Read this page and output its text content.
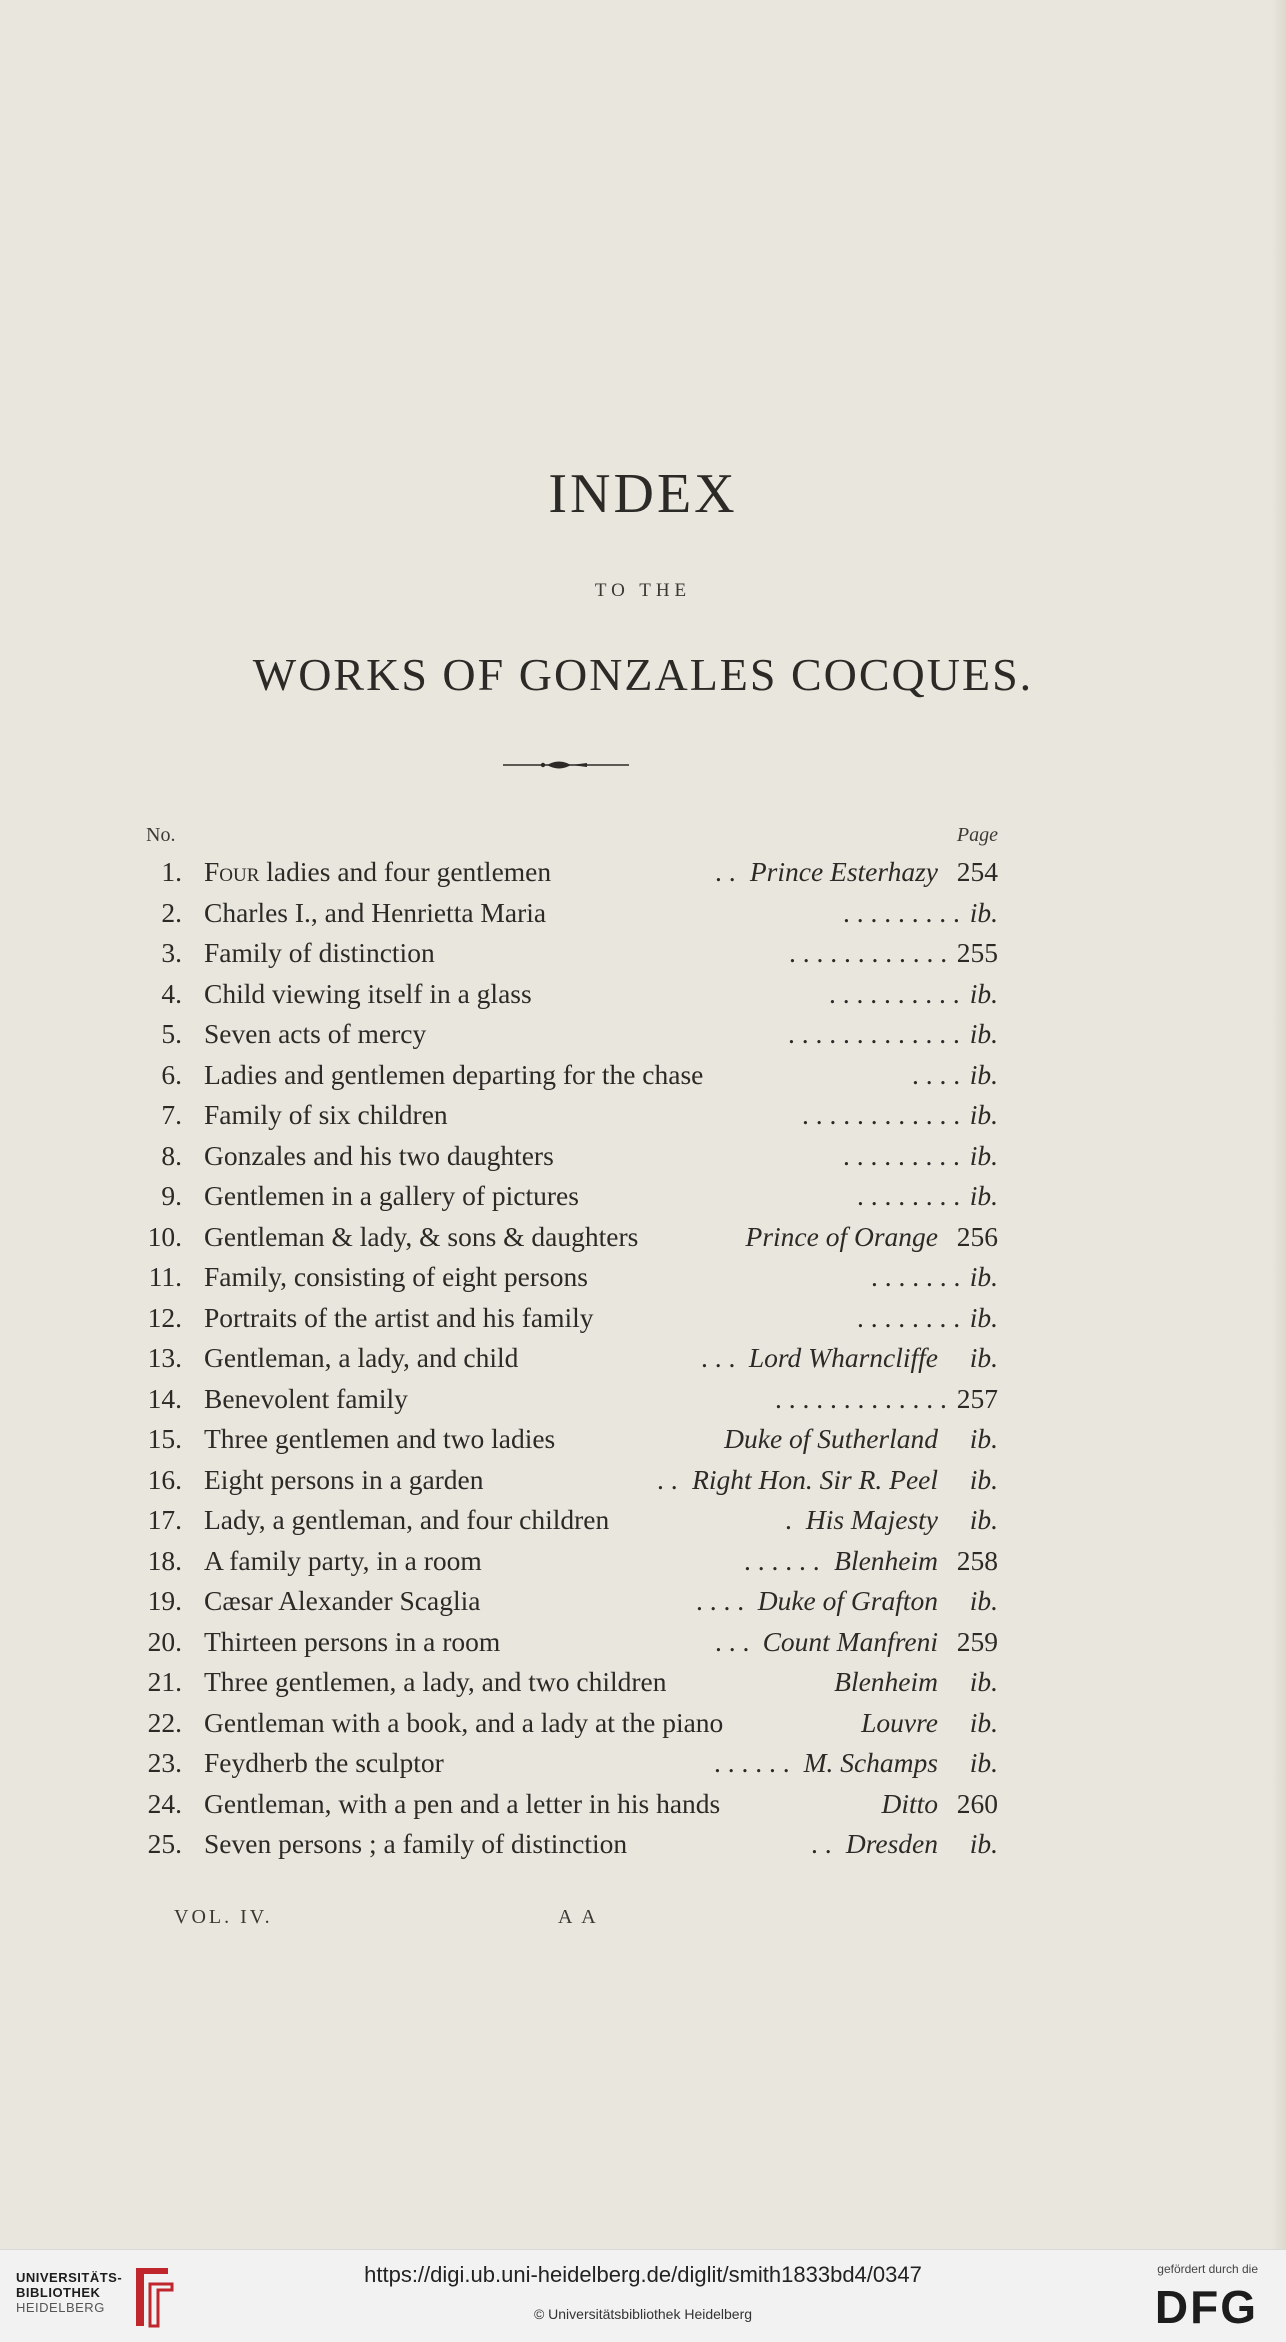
INDEX
TO THE
WORKS OF GONZALES COCQUES.
No.	Page
1. Four ladies and four gentlemen	. . Prince Esterhazy 254
2. Charles I., and Henrietta Maria	. . . . . . . . . ib.
3. Family of distinction	. . . . . . . . . . . . 255
4. Child viewing itself in a glass	. . . . . . . . . . ib.
5. Seven acts of mercy	. . . . . . . . . . . . . ib.
6. Ladies and gentlemen departing for the chase	. . . . ib.
7. Family of six children	. . . . . . . . . . . . ib.
8. Gonzales and his two daughters	. . . . . . . . . ib.
9. Gentlemen in a gallery of pictures	. . . . . . . . ib.
10. Gentleman & lady, & sons & daughters	Prince of Orange 256
11. Family, consisting of eight persons	. . . . . . . ib.
12. Portraits of the artist and his family	. . . . . . . . ib.
13. Gentleman, a lady, and child	. . . Lord Wharncliffe ib.
14. Benevolent family	. . . . . . . . . . . . . 257
15. Three gentlemen and two ladies	Duke of Sutherland ib.
16. Eight persons in a garden	. . Right Hon. Sir R. Peel ib.
17. Lady, a gentleman, and four children	. His Majesty ib.
18. A family party, in a room	. . . . . . Blenheim 258
19. Cæsar Alexander Scaglia	. . . . Duke of Grafton ib.
20. Thirteen persons in a room	. . . Count Manfreni 259
21. Three gentlemen, a lady, and two children	Blenheim ib.
22. Gentleman with a book, and a lady at the piano	Louvre ib.
23. Feydherb the sculptor	. . . . . . M. Schamps ib.
24. Gentleman, with a pen and a letter in his hands	Ditto 260
25. Seven persons ; a family of distinction	. . Dresden ib.
VOL. IV.	A A
UNIVERSITÄTS-
BIBLIOTHEK
HEIDELBERG
https://digi.ub.uni-heidelberg.de/diglit/smith1833bd4/0347
© Universitätsbibliothek Heidelberg
gefördert durch die
DFG
